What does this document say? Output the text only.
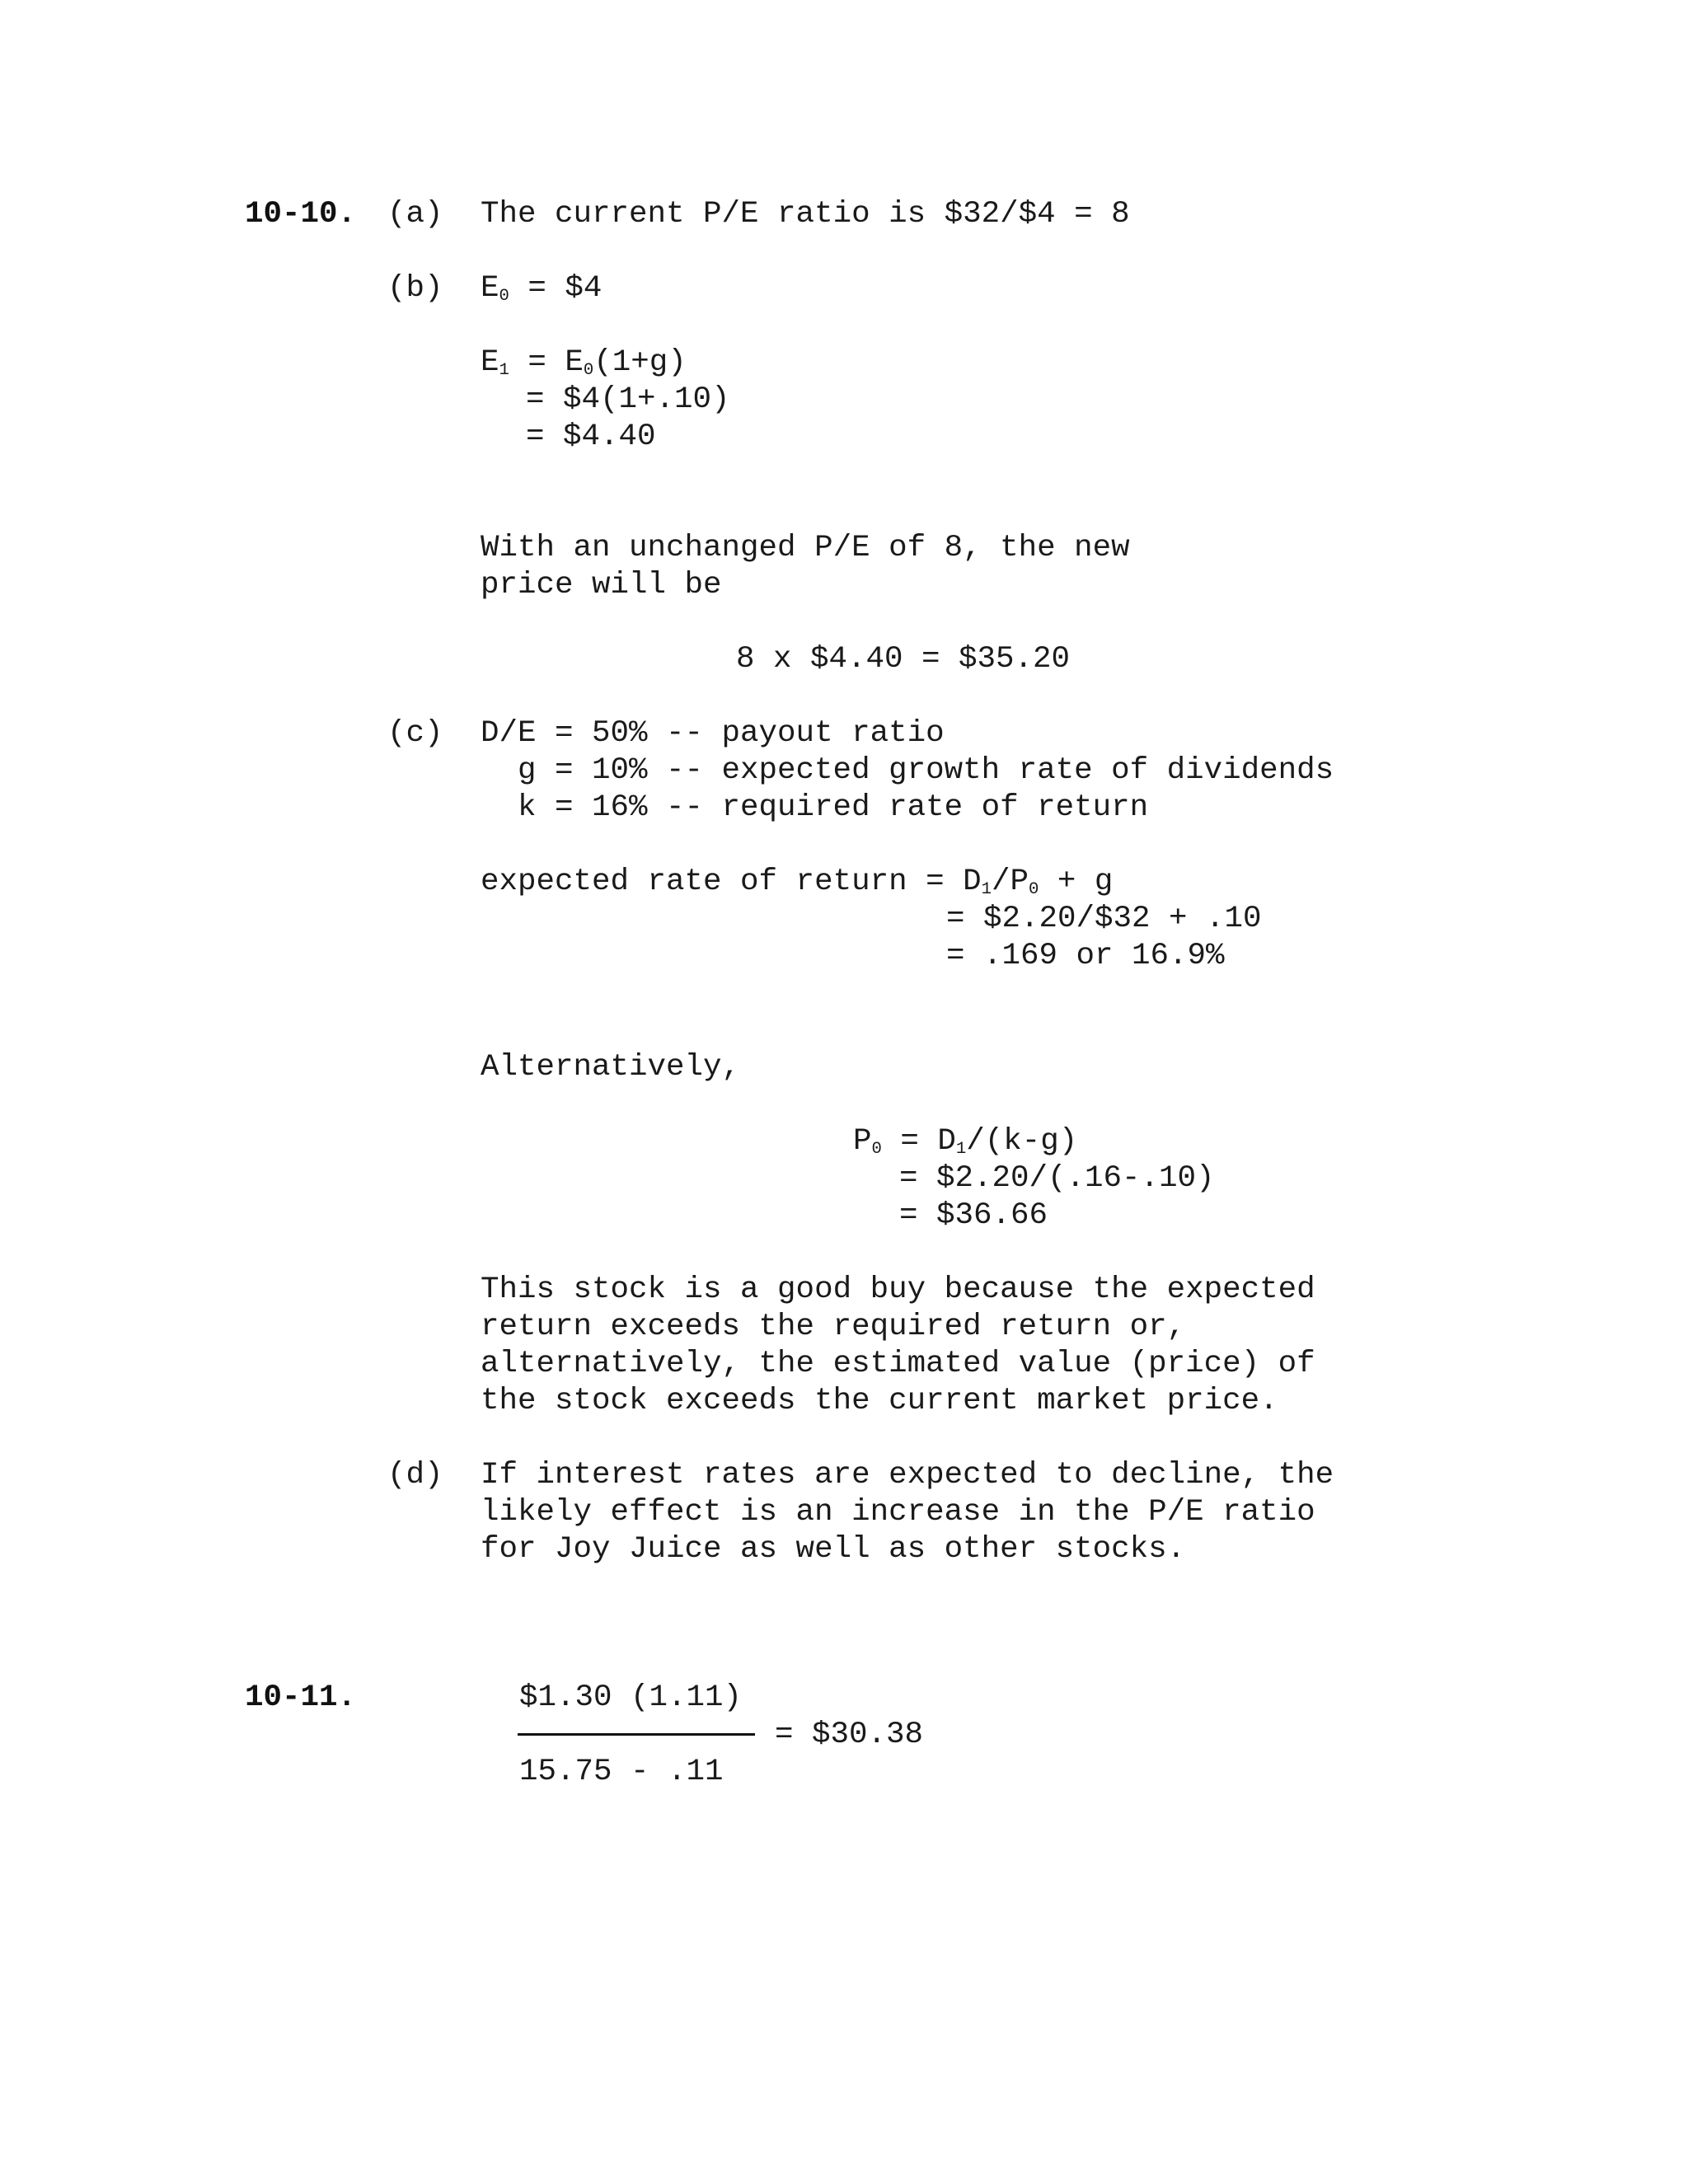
10-10. (a) The current P/E ratio is $32/$4 = 8
(b) $E_0$ = $4
$E_1 = E_0(1+g)$
= $4(1+.10)
= $4.40
With an unchanged P/E of 8, the new
price will be
8 x $4.40 = $35.20
(c) D/E = 50% -- payout ratio
g = 10% -- expected growth rate of dividends
k = 16% -- required rate of return
expected rate of return = $D_1/P_0 + g$
= $2.20/$32 + .10
= .169 or 16.9%
Alternatively,
$P_0 = D_1/(k-g)$
= $2.20/(.16-.10)
= $36.66
This stock is a good buy because the expected
return exceeds the required return or,
alternatively, the estimated value (price) of
the stock exceeds the current market price.
(d) If interest rates are expected to decline, the
likely effect is an increase in the P/E ratio
for Joy Juice as well as other stocks.
10-11.	$1.30 (1.11)
= $30.38
15.75 - .11
